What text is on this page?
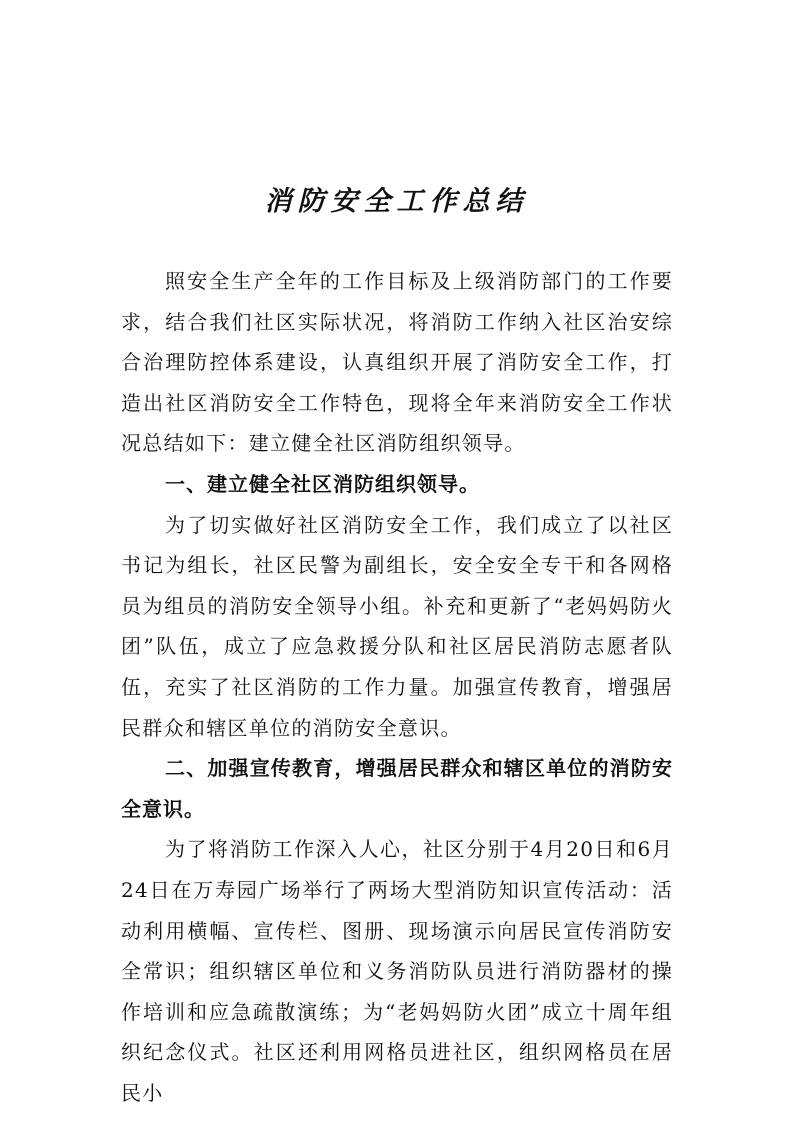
消防安全工作总结

照安全生产全年的工作目标及上级消防部门的工作要求，结合我们社区实际状况，将消防工作纳入社区治安综合治理防控体系建设，认真组织开展了消防安全工作，打造出社区消防安全工作特色，现将全年来消防安全工作状况总结如下：建立健全社区消防组织领导。

一、建立健全社区消防组织领导。

为了切实做好社区消防安全工作，我们成立了以社区书记为组长，社区民警为副组长，安全安全专干和各网格员为组员的消防安全领导小组。补充和更新了“老妈妈防火团”队伍，成立了应急救援分队和社区居民消防志愿者队伍，充实了社区消防的工作力量。加强宣传教育，增强居民群众和辖区单位的消防安全意识。

二、加强宣传教育，增强居民群众和辖区单位的消防安全意识。

为了将消防工作深入人心，社区分别于4月20日和6月24日在万寿园广场举行了两场大型消防知识宣传活动：活动利用横幅、宣传栏、图册、现场演示向居民宣传消防安全常识；组织辖区单位和义务消防队员进行消防器材的操作培训和应急疏散演练；为“老妈妈防火团”成立十周年组织纪念仪式。社区还利用网格员进社区，组织网格员在居民小
